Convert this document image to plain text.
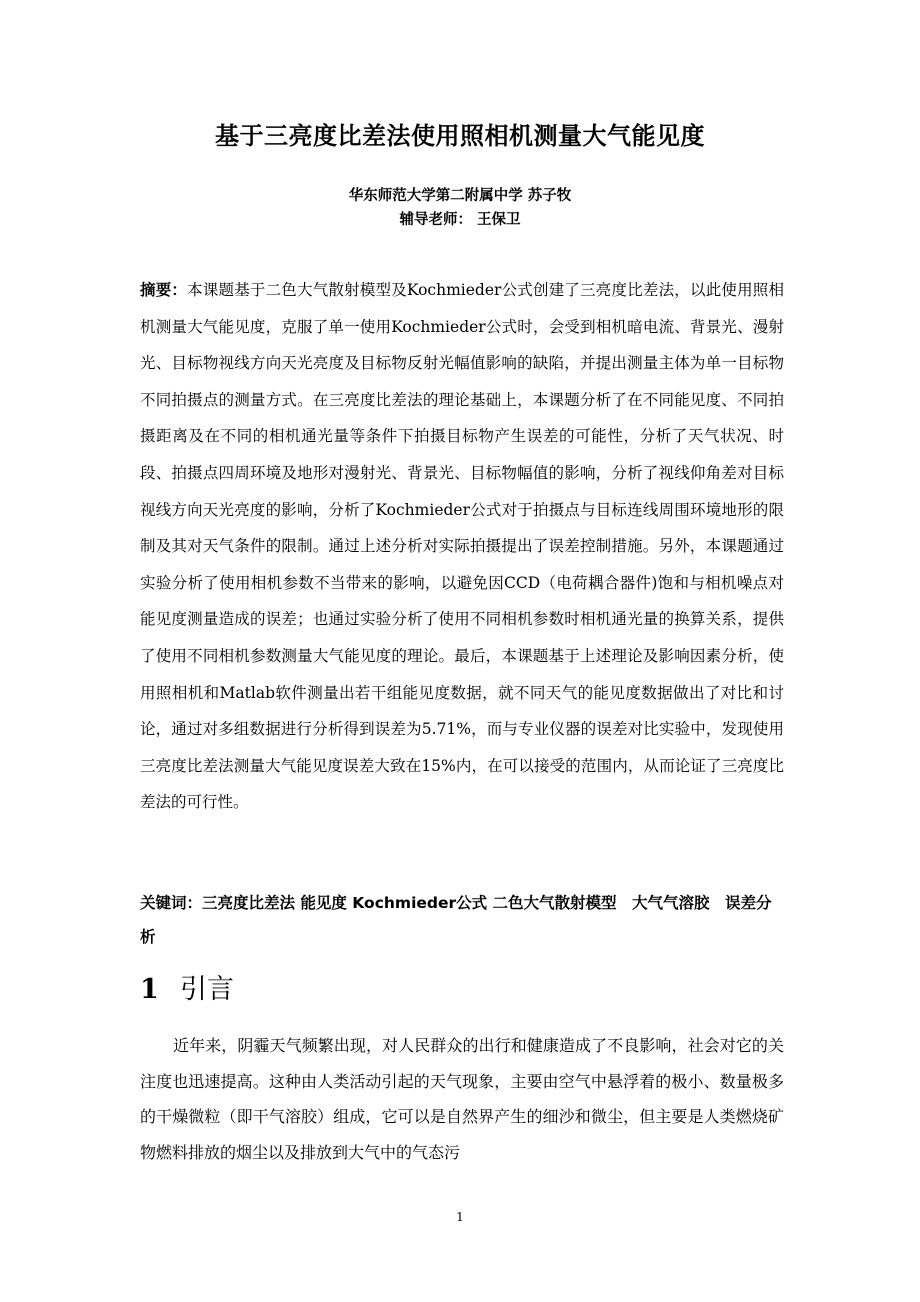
基于三亮度比差法使用照相机测量大气能见度
华东师范大学第二附属中学 苏子牧
辅导老师： 王保卫
摘要：本课题基于二色大气散射模型及Kochmieder公式创建了三亮度比差法，以此使用照相机测量大气能见度，克服了单一使用Kochmieder公式时，会受到相机暗电流、背景光、漫射光、目标物视线方向天光亮度及目标物反射光幅值影响的缺陷，并提出测量主体为单一目标物不同拍摄点的测量方式。在三亮度比差法的理论基础上，本课题分析了在不同能见度、不同拍摄距离及在不同的相机通光量等条件下拍摄目标物产生误差的可能性，分析了天气状况、时段、拍摄点四周环境及地形对漫射光、背景光、目标物幅值的影响，分析了视线仰角差对目标视线方向天光亮度的影响，分析了Kochmieder公式对于拍摄点与目标连线周围环境地形的限制及其对天气条件的限制。通过上述分析对实际拍摄提出了误差控制措施。另外，本课题通过实验分析了使用相机参数不当带来的影响，以避免因CCD（电荷耦合器件)饱和与相机噪点对能见度测量造成的误差；也通过实验分析了使用不同相机参数时相机通光量的换算关系，提供了使用不同相机参数测量大气能见度的理论。最后，本课题基于上述理论及影响因素分析，使用照相机和Matlab软件测量出若干组能见度数据，就不同天气的能见度数据做出了对比和讨论，通过对多组数据进行分析得到误差为5.71%，而与专业仪器的误差对比实验中，发现使用三亮度比差法测量大气能见度误差大致在15%内，在可以接受的范围内，从而论证了三亮度比差法的可行性。
关键词：三亮度比差法 能见度 Kochmieder公式 二色大气散射模型　大气气溶胶　误差分析
1 引言
近年来，阴霾天气频繁出现，对人民群众的出行和健康造成了不良影响，社会对它的关注度也迅速提高。这种由人类活动引起的天气现象，主要由空气中悬浮着的极小、数量极多的干燥微粒（即干气溶胶）组成，它可以是自然界产生的细沙和微尘，但主要是人类燃烧矿物燃料排放的烟尘以及排放到大气中的气态污
1
